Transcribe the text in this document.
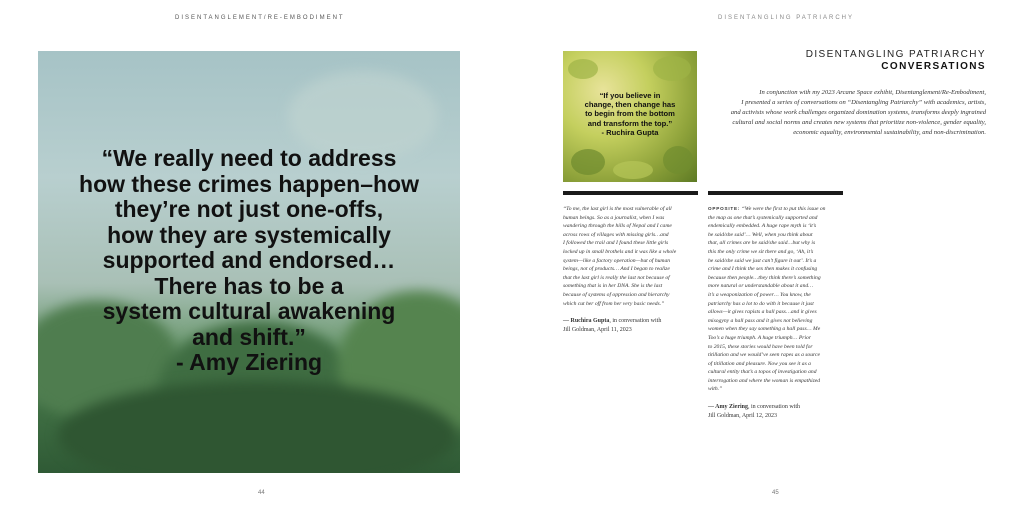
DISENTANGLEMENT/RE-EMBODIMENT	DISENTANGLING PATRIARCHY
“We really need to address
how these crimes happen–how
they’re not just one-offs,
how they are systemically
supported and endorsed…
There has to be a
system cultural awakening
and shift.”
- Amy Ziering
“If you believe in
change, then change has
to begin from the bottom
and transform the top.”
- Ruchira Gupta
DISENTANGLING PATRIARCHY
CONVERSATIONS
In conjunction with my 2023 Arcane Space exhibit, Disentanglement/Re-Embodiment,
I presented a series of conversations on “Disentangling Patriarchy” with academics, artists,
and activists whose work challenges organized domination systems, transforms deeply ingrained
cultural and social norms and creates new systems that prioritize non-violence, gender equality,
economic equality, environmental sustainability, and non-discrimination.

“To me, the last girl is the most vulnerable of all
human beings. So as a journalist, when I was
wandering through the hills of Nepal and I came
across rows of villages with missing girls…and
I followed the trail and I found these little girls
locked up in small brothels and it was like a whole
system—like a factory operation—but of human
beings, not of products… And I began to realize
that the last girl is really the last not because of
something that is in her DNA. She is the last
because of systems of oppression and hierarchy
which cut her off from her very basic needs.”

— Ruchira Gupta, in conversation with
Jill Goldman, April 11, 2023

OPPOSITE: “We were the first to put this issue on
the map as one that’s systemically supported and
endemically embedded. A huge rape myth is ‘it’s
he said/she said’… Well, when you think about
that, all crimes are he said/she said…but why is
this the only crime we sit there and go, ‘Ah, it’s
he said/she said we just can’t figure it out’. It’s a
crime and I think the sex then makes it confusing
because then people…they think there’s something
more natural or understandable about it and…
it’s a weaponization of power… You know, the
patriarchy has a lot to do with it because it just
allows—it gives rapists a hall pass…and it gives
misogyny a hall pass and it gives not believing
women when they say something a hall pass… Me
Too’s a huge triumph. A huge triumph… Prior
to 2015, these stories would have been told for
titillation and we would’ve seen rapes as a source
of titillation and pleasure. Now you see it as a
cultural entity that’s a topos of investigation and
interrogation and where the woman is empathized
with.”

— Amy Ziering, in conversation with
Jill Goldman, April 12, 2023
44	45
